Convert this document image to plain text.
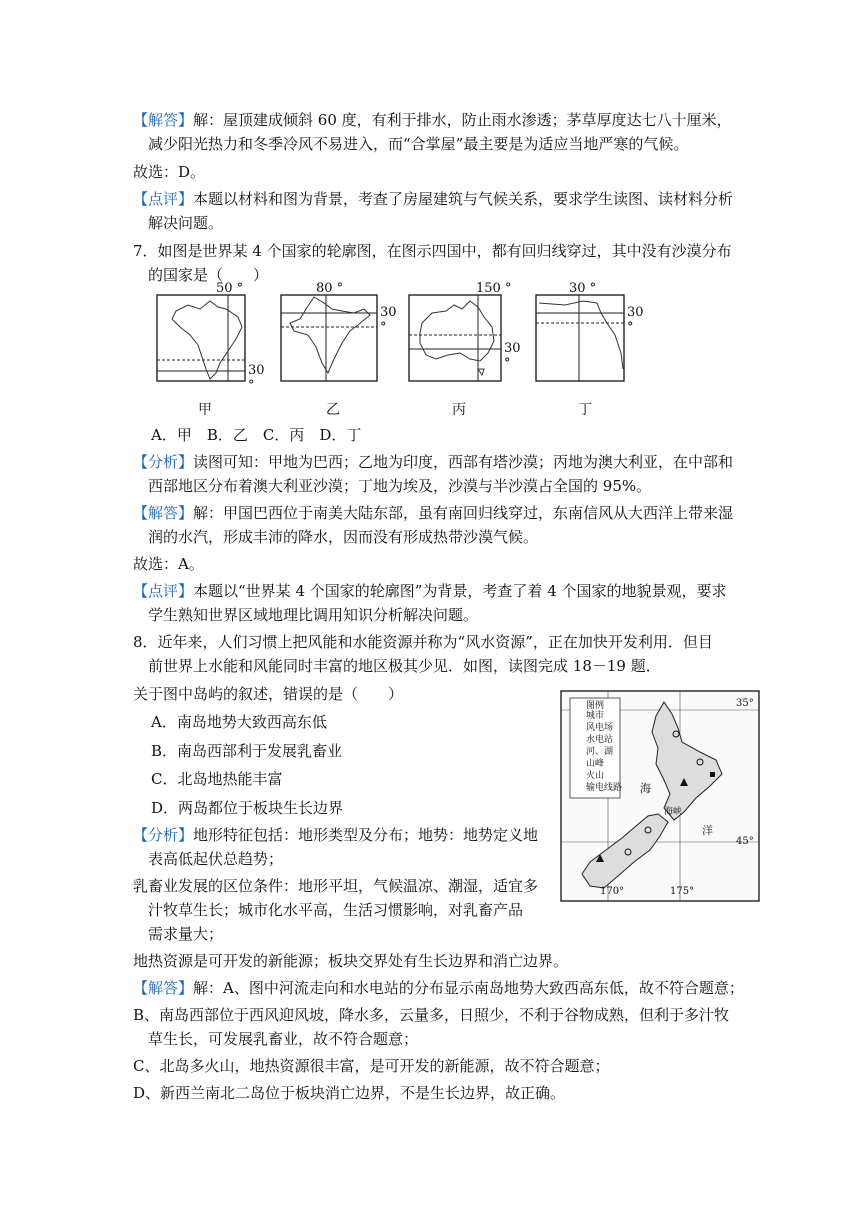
【解答】解：屋顶建成倾斜 60 度，有利于排水，防止雨水渗透；茅草厚度达七八十厘米，
减少阳光热力和冬季冷风不易进入，而“合掌屋”最主要是为适应当地严寒的气候。
故选：D。
【点评】本题以材料和图为背景，考查了房屋建筑与气候关系，要求学生读图、读材料分析
解决问题。
7．如图是世界某 4 个国家的轮廓图，在图示四国中，都有回归线穿过，其中没有沙漠分布
的国家是（　　）
50 °
30 °
甲
80 °
30 °
乙
150 °
30 °
丙
30 °
30 °
丁
A．甲　B．乙　C．丙　D．丁
【分析】读图可知：甲地为巴西；乙地为印度，西部有塔沙漠；丙地为澳大利亚，在中部和
西部地区分布着澳大利亚沙漠；丁地为埃及，沙漠与半沙漠占全国的 95%。
【解答】解：甲国巴西位于南美大陆东部，虽有南回归线穿过，东南信风从大西洋上带来湿
润的水汽，形成丰沛的降水，因而没有形成热带沙漠气候。
故选：A。
【点评】本题以“世界某 4 个国家的轮廓图”为背景，考查了着 4 个国家的地貌景观，要求
学生熟知世界区域地理比调用知识分析解决问题。
8．近年来，人们习惯上把风能和水能资源并称为“风水资源”，正在加快开发利用．但目
前世界上水能和风能同时丰富的地区极其少见．如图，读图完成 18－19 题．
关于图中岛屿的叙述，错误的是（　　）
A．南岛地势大致西高东低
B．南岛西部利于发展乳畜业
C．北岛地热能丰富
D．两岛都位于板块生长边界
【分析】地形特征包括：地形类型及分布；地势：地势定义地
表高低起伏总趋势；
乳畜业发展的区位条件：地形平坦，气候温凉、潮湿，适宜多
汁牧草生长；城市化水平高，生活习惯影响，对乳畜产品
需求量大；
地热资源是可开发的新能源；板块交界处有生长边界和消亡边界。
【解答】解：A、图中河流走向和水电站的分布显示南岛地势大致西高东低，故不符合题意；
B、南岛西部位于西风迎风坡，降水多，云量多，日照少，不利于谷物成熟，但利于多汁牧
草生长，可发展乳畜业，故不符合题意；
C、北岛多火山，地热资源很丰富，是可开发的新能源，故不符合题意；
D、新西兰南北二岛位于板块消亡边界，不是生长边界，故正确。
图例
城市
风电场
水电站
河、湖
山峰
火山
输电线路
35°
45°
170°	175°
海
洋
海峡
